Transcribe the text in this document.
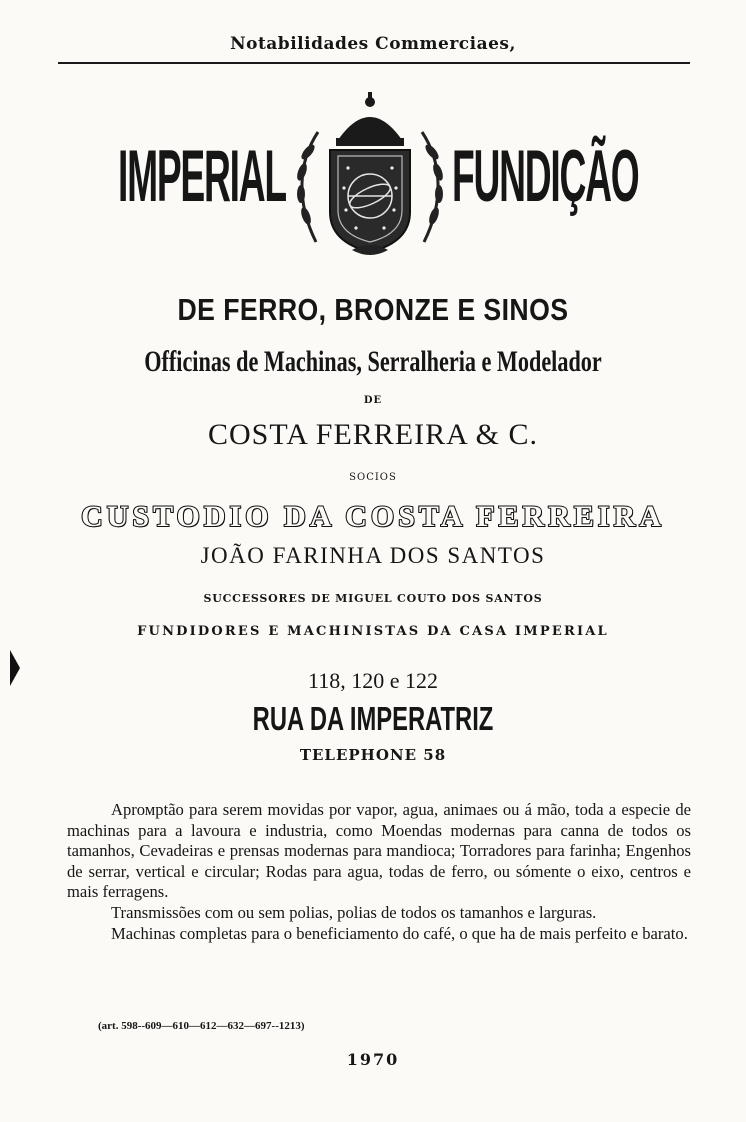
Notabilidades Commerciaes,
IMPERIAL	FUNDIÇÃO
DE FERRO, BRONZE E SINOS
Officinas de Machinas, Serralheria e Modelador
DE
COSTA FERREIRA & C.
SOCIOS
CUSTODIO DA COSTA FERREIRA
JOÃO FARINHA DOS SANTOS
SUCCESSORES DE MIGUEL COUTO DOS SANTOS
FUNDIDORES E MACHINISTAS DA CASA IMPERIAL
118, 120 e 122
RUA DA IMPERATRIZ
TELEPHONE 58

Aprомptão para serem movidas por vapor, agua, animaes ou á mão, toda a especie de machinas para a lavoura e industria, como Moendas modernas para canna de todos os tamanhos, Cevadeiras e prensas modernas para mandioca; Torradores para farinha; Engenhos de serrar, vertical e circular; Rodas para agua, todas de ferro, ou sómente o eixo, centros e mais ferragens.

Transmissões com ou sem polias, polias de todos os tamanhos e larguras.

Machinas completas para o beneficiamento do café, o que ha de mais perfeito e barato.

(art. 598--609—610—612—632—697--1213)
1970
